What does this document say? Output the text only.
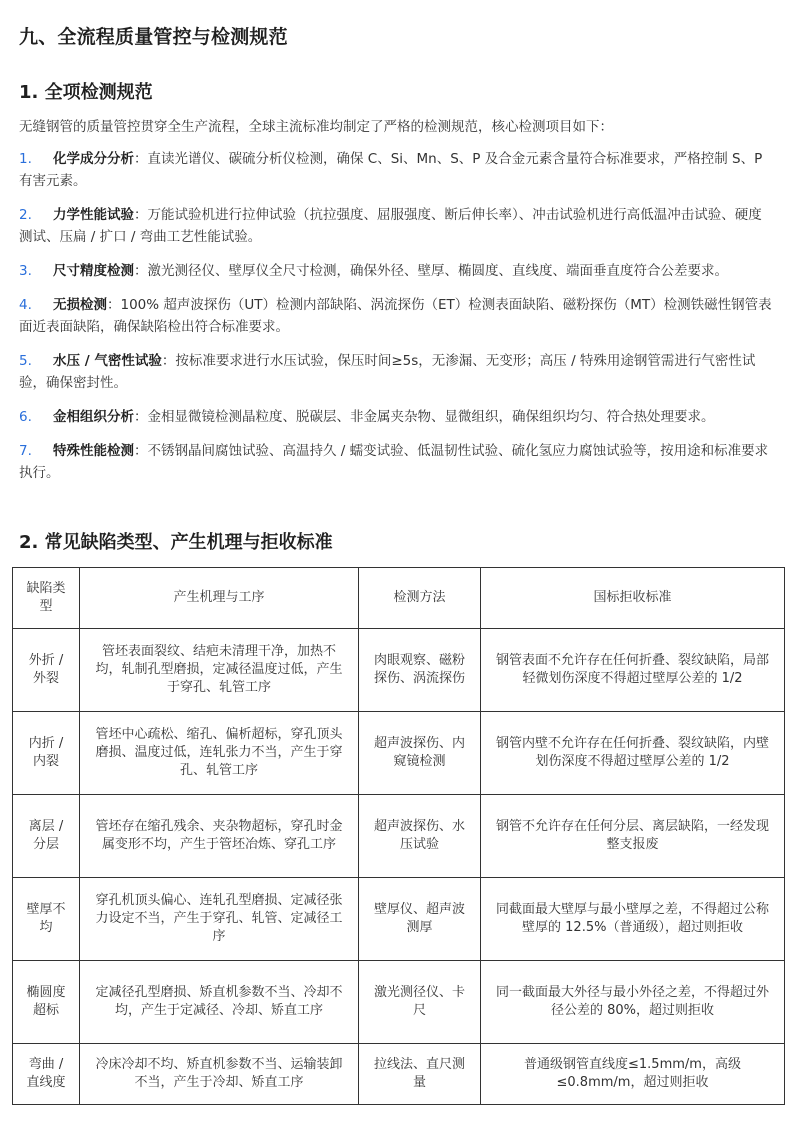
九、全流程质量管控与检测规范
1. 全项检测规范
无缝钢管的质量管控贯穿全生产流程，全球主流标准均制定了严格的检测规范，核心检测项目如下：
1. 化学成分分析：直读光谱仪、碳硫分析仪检测，确保 C、Si、Mn、S、P 及合金元素含量符合标准要求，严格控制 S、P 有害元素。
2. 力学性能试验：万能试验机进行拉伸试验（抗拉强度、屈服强度、断后伸长率）、冲击试验机进行高低温冲击试验、硬度测试、压扁 / 扩口 / 弯曲工艺性能试验。
3. 尺寸精度检测：激光测径仪、壁厚仪全尺寸检测，确保外径、壁厚、椭圆度、直线度、端面垂直度符合公差要求。
4. 无损检测：100% 超声波探伤（UT）检测内部缺陷、涡流探伤（ET）检测表面缺陷、磁粉探伤（MT）检测铁磁性钢管表面近表面缺陷，确保缺陷检出符合标准要求。
5. 水压 / 气密性试验：按标准要求进行水压试验，保压时间≥5s，无渗漏、无变形；高压 / 特殊用途钢管需进行气密性试验，确保密封性。
6. 金相组织分析：金相显微镜检测晶粒度、脱碳层、非金属夹杂物、显微组织，确保组织均匀、符合热处理要求。
7. 特殊性能检测：不锈钢晶间腐蚀试验、高温持久 / 蠕变试验、低温韧性试验、硫化氢应力腐蚀试验等，按用途和标准要求执行。
2. 常见缺陷类型、产生机理与拒收标准
缺陷类型	产生机理与工序	检测方法	国标拒收标准
外折 / 外裂	管坯表面裂纹、结疤未清理干净，加热不均，轧制孔型磨损，定减径温度过低，产生于穿孔、轧管工序	肉眼观察、磁粉探伤、涡流探伤	钢管表面不允许存在任何折叠、裂纹缺陷，局部轻微划伤深度不得超过壁厚公差的 1/2
内折 / 内裂	管坯中心疏松、缩孔、偏析超标，穿孔顶头磨损、温度过低，连轧张力不当，产生于穿孔、轧管工序	超声波探伤、内窥镜检测	钢管内壁不允许存在任何折叠、裂纹缺陷，内壁划伤深度不得超过壁厚公差的 1/2
离层 / 分层	管坯存在缩孔残余、夹杂物超标，穿孔时金属变形不均，产生于管坯冶炼、穿孔工序	超声波探伤、水压试验	钢管不允许存在任何分层、离层缺陷，一经发现整支报废
壁厚不均	穿孔机顶头偏心、连轧孔型磨损、定减径张力设定不当，产生于穿孔、轧管、定减径工序	壁厚仪、超声波测厚	同截面最大壁厚与最小壁厚之差，不得超过公称壁厚的 12.5%（普通级），超过则拒收
椭圆度超标	定减径孔型磨损、矫直机参数不当、冷却不均，产生于定减径、冷却、矫直工序	激光测径仪、卡尺	同一截面最大外径与最小外径之差，不得超过外径公差的 80%，超过则拒收
弯曲 / 直线度	冷床冷却不均、矫直机参数不当、运输装卸不当，产生于冷却、矫直工序	拉线法、直尺测量	普通级钢管直线度≤1.5mm/m，高级≤0.8mm/m，超过则拒收
